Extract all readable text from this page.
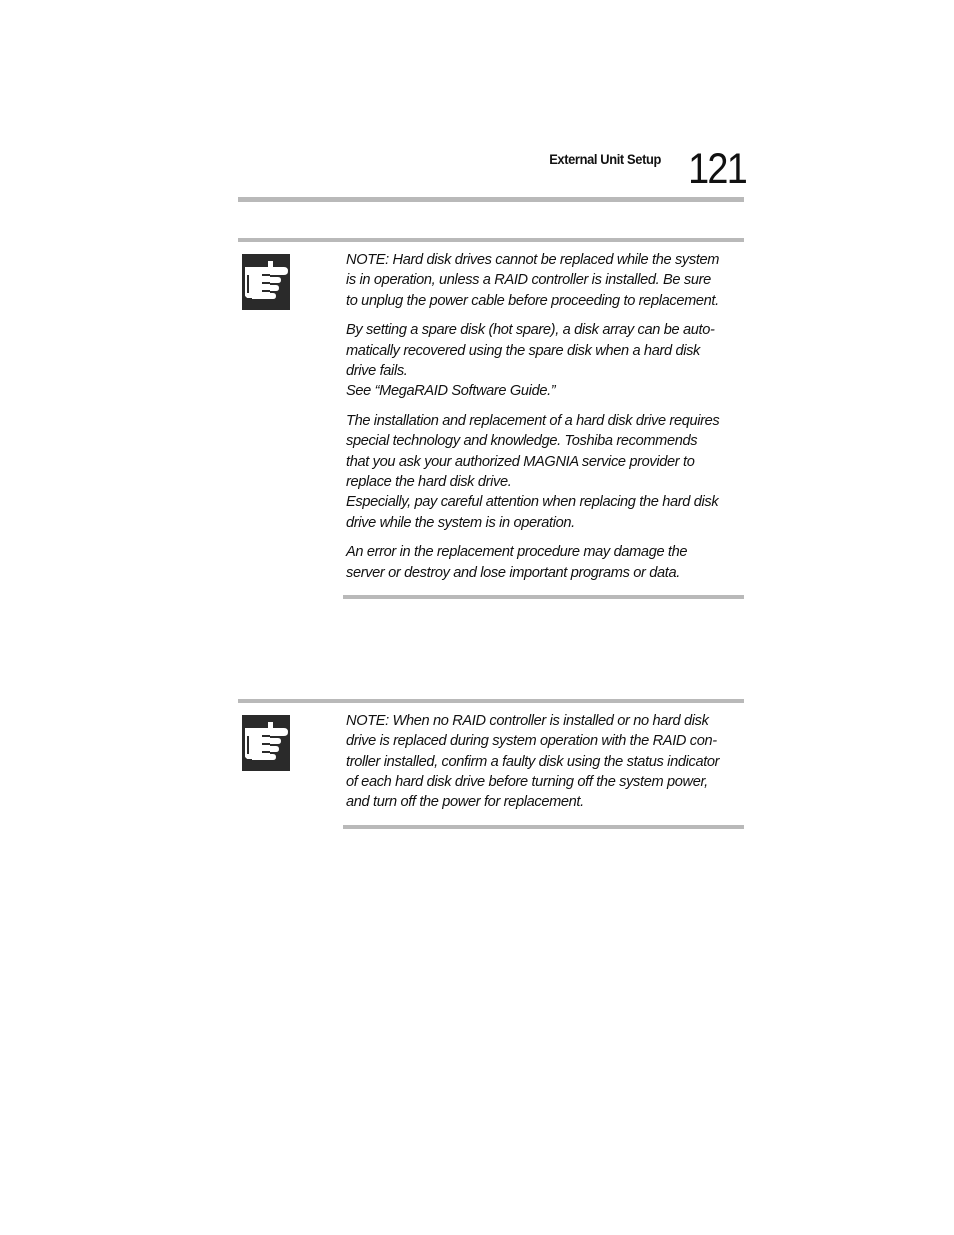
External Unit Setup 121

NOTE: Hard disk drives cannot be replaced while the system
is in operation, unless a RAID controller is installed. Be sure
to unplug the power cable before proceeding to replacement.

By setting a spare disk (hot spare), a disk array can be auto-
matically recovered using the spare disk when a hard disk
drive fails.
See “MegaRAID Software Guide.”

The installation and replacement of a hard disk drive requires
special technology and knowledge. Toshiba recommends
that you ask your authorized MAGNIA service provider to
replace the hard disk drive.
Especially, pay careful attention when replacing the hard disk
drive while the system is in operation.

An error in the replacement procedure may damage the
server or destroy and lose important programs or data.

NOTE: When no RAID controller is installed or no hard disk
drive is replaced during system operation with the RAID con-
troller installed, confirm a faulty disk using the status indicator
of each hard disk drive before turning off the system power,
and turn off the power for replacement.
